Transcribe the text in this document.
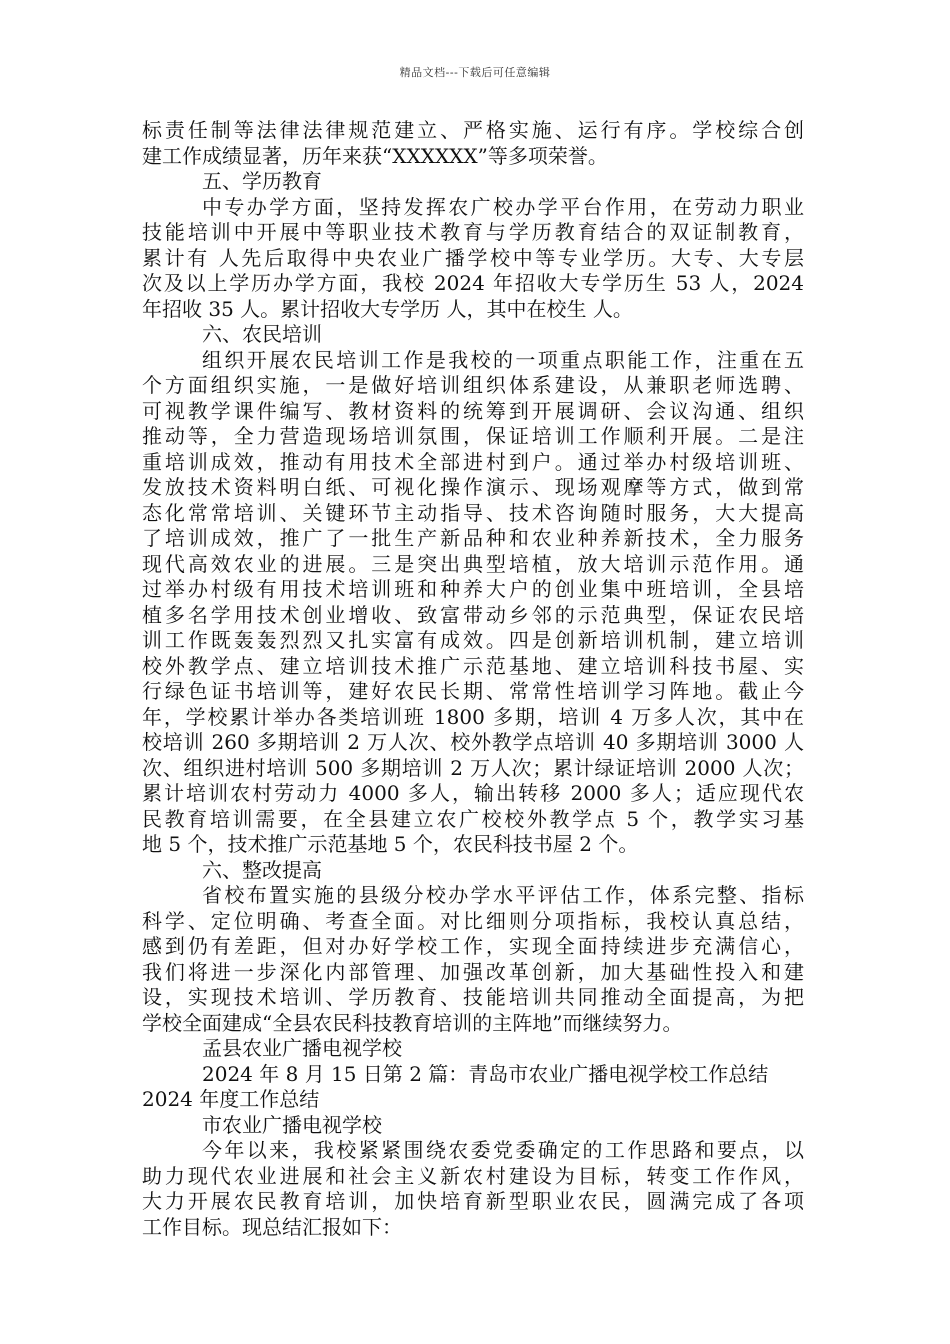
精品文档---下载后可任意编辑
标责任制等法律法律规范建立、严格实施、运行有序。学校综合创
建工作成绩显著，历年来获“XXXXXX”等多项荣誉。
五、学历教育
中专办学方面，坚持发挥农广校办学平台作用，在劳动力职业
技能培训中开展中等职业技术教育与学历教育结合的双证制教育，
累计有 人先后取得中央农业广播学校中等专业学历。大专、大专层
次及以上学历办学方面，我校 2024 年招收大专学历生 53 人，2024
年招收 35 人。累计招收大专学历 人，其中在校生 人。
六、农民培训
组织开展农民培训工作是我校的一项重点职能工作，注重在五
个方面组织实施，一是做好培训组织体系建设，从兼职老师选聘、
可视教学课件编写、教材资料的统筹到开展调研、会议沟通、组织
推动等，全力营造现场培训氛围，保证培训工作顺利开展。二是注
重培训成效，推动有用技术全部进村到户。通过举办村级培训班、
发放技术资料明白纸、可视化操作演示、现场观摩等方式，做到常
态化常常培训、关键环节主动指导、技术咨询随时服务，大大提高
了培训成效，推广了一批生产新品种和农业种养新技术，全力服务
现代高效农业的进展。三是突出典型培植，放大培训示范作用。通
过举办村级有用技术培训班和种养大户的创业集中班培训，全县培
植多名学用技术创业增收、致富带动乡邻的示范典型，保证农民培
训工作既轰轰烈烈又扎实富有成效。四是创新培训机制，建立培训
校外教学点、建立培训技术推广示范基地、建立培训科技书屋、实
行绿色证书培训等，建好农民长期、常常性培训学习阵地。截止今
年，学校累计举办各类培训班 1800 多期，培训 4 万多人次，其中在
校培训 260 多期培训 2 万人次、校外教学点培训 40 多期培训 3000 人
次、组织进村培训 500 多期培训 2 万人次；累计绿证培训 2000 人次；
累计培训农村劳动力 4000 多人，输出转移 2000 多人；适应现代农
民教育培训需要，在全县建立农广校校外教学点 5 个，教学实习基
地 5 个，技术推广示范基地 5 个，农民科技书屋 2 个。
六、整改提高
省校布置实施的县级分校办学水平评估工作，体系完整、指标
科学、定位明确、考查全面。对比细则分项指标，我校认真总结，
感到仍有差距，但对办好学校工作，实现全面持续进步充满信心，
我们将进一步深化内部管理、加强改革创新，加大基础性投入和建
设，实现技术培训、学历教育、技能培训共同推动全面提高，为把
学校全面建成“全县农民科技教育培训的主阵地”而继续努力。
孟县农业广播电视学校
2024 年 8 月 15 日第 2 篇：青岛市农业广播电视学校工作总结
2024 年度工作总结
市农业广播电视学校
今年以来，我校紧紧围绕农委党委确定的工作思路和要点，以
助力现代农业进展和社会主义新农村建设为目标，转变工作作风，
大力开展农民教育培训，加快培育新型职业农民，圆满完成了各项
工作目标。现总结汇报如下：
